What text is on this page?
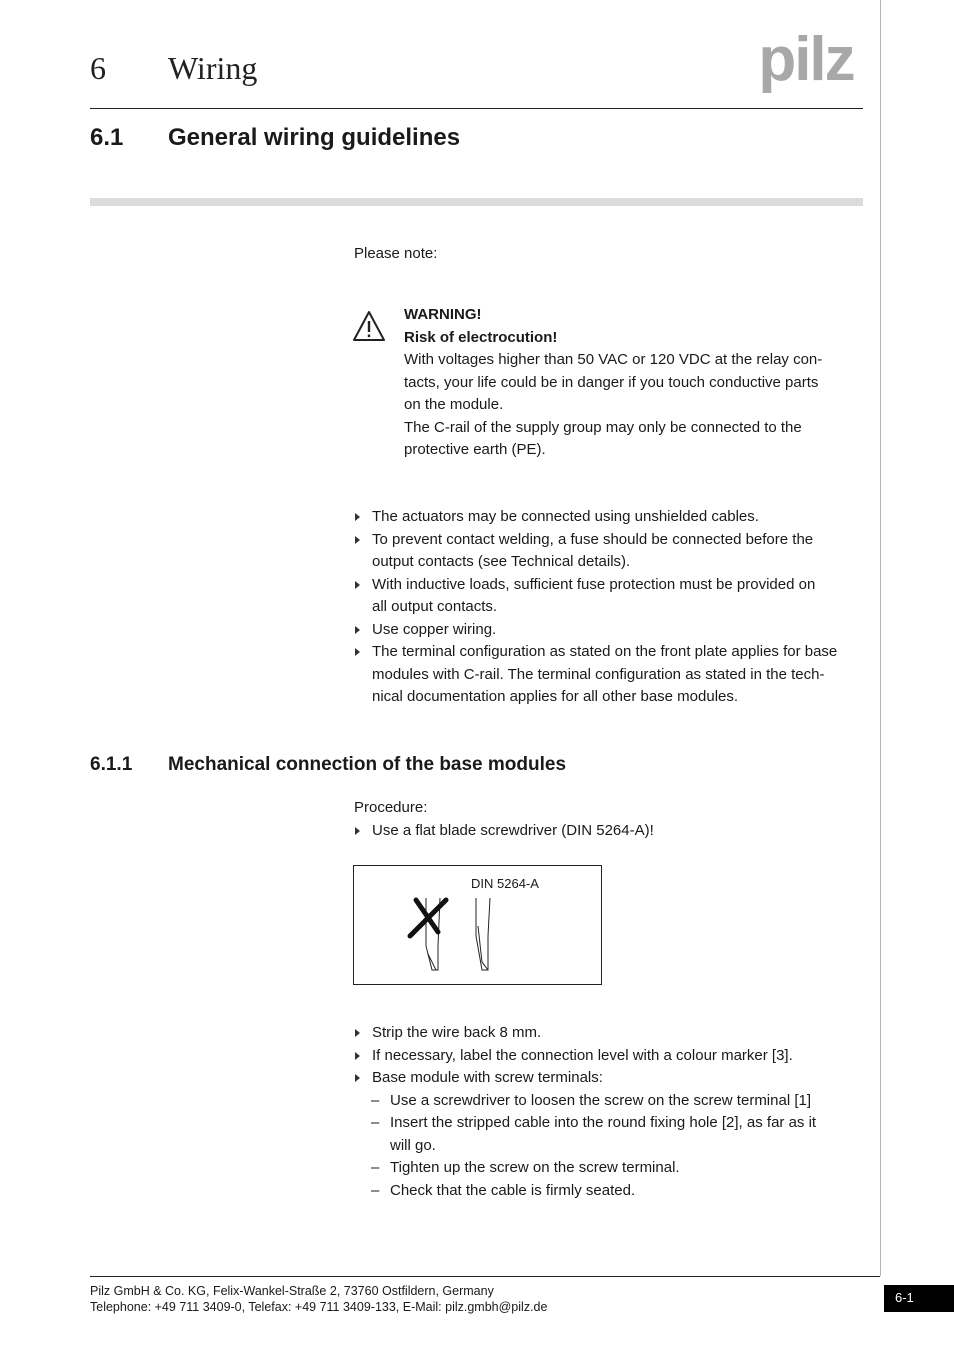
6 Wiring	pilz
6.1 General wiring guidelines
Please note:
WARNING!
Risk of electrocution!
With voltages higher than 50 VAC or 120 VDC at the relay con-
tacts, your life could be in danger if you touch conductive parts
on the module.
The C-rail of the supply group may only be connected to the
protective earth (PE).
The actuators may be connected using unshielded cables.
To prevent contact welding, a fuse should be connected before the
output contacts (see Technical details).
With inductive loads, sufficient fuse protection must be provided on
all output contacts.
Use copper wiring.
The terminal configuration as stated on the front plate applies for base
modules with C-rail. The terminal configuration as stated in the tech-
nical documentation applies for all other base modules.
6.1.1 Mechanical connection of the base modules
Procedure:
Use a flat blade screwdriver (DIN 5264-A)!
DIN 5264-A
Strip the wire back 8 mm.
If necessary, label the connection level with a colour marker [3].
Base module with screw terminals:
– Use a screwdriver to loosen the screw on the screw terminal [1]
– Insert the stripped cable into the round fixing hole [2], as far as it
will go.
– Tighten up the screw on the screw terminal.
– Check that the cable is firmly seated.
Pilz GmbH & Co. KG, Felix-Wankel-Straße 2, 73760 Ostfildern, Germany
Telephone: +49 711 3409-0, Telefax: +49 711 3409-133, E-Mail: pilz.gmbh@pilz.de
6-1
